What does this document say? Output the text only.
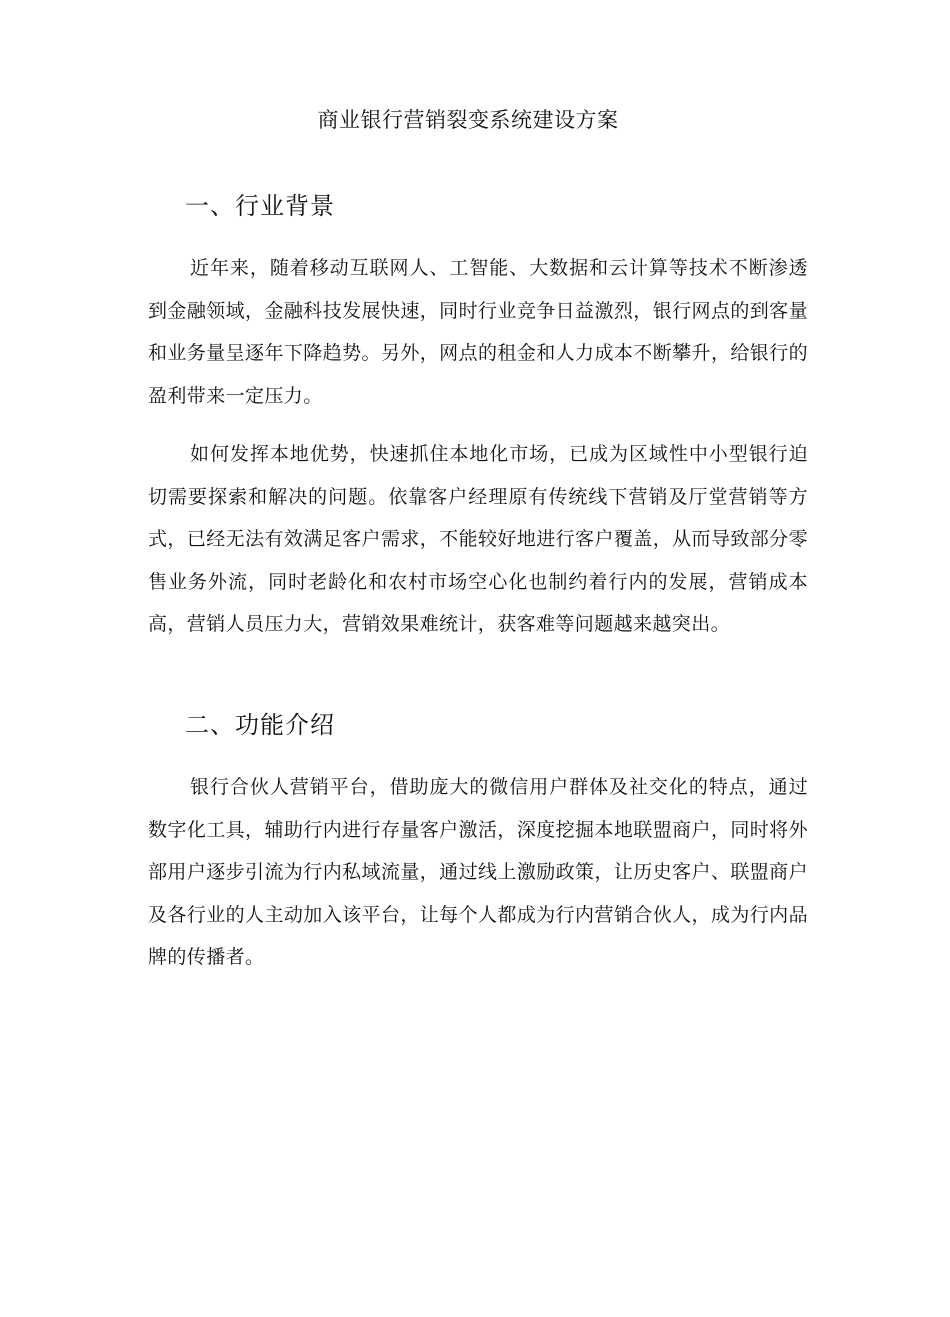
商业银行营销裂变系统建设方案
一、行业背景

近年来，随着移动互联网人、工智能、大数据和云计算等技术不断渗透到金融领域，金融科技发展快速，同时行业竞争日益激烈，银行网点的到客量和业务量呈逐年下降趋势。另外，网点的租金和人力成本不断攀升，给银行的盈利带来一定压力。

如何发挥本地优势，快速抓住本地化市场，已成为区域性中小型银行迫切需要探索和解决的问题。依靠客户经理原有传统线下营销及厅堂营销等方式，已经无法有效满足客户需求，不能较好地进行客户覆盖，从而导致部分零售业务外流，同时老龄化和农村市场空心化也制约着行内的发展，营销成本高，营销人员压力大，营销效果难统计，获客难等问题越来越突出。

二、功能介绍

银行合伙人营销平台，借助庞大的微信用户群体及社交化的特点，通过数字化工具，辅助行内进行存量客户激活，深度挖掘本地联盟商户，同时将外部用户逐步引流为行内私域流量，通过线上激励政策，让历史客户、联盟商户及各行业的人主动加入该平台，让每个人都成为行内营销合伙人，成为行内品牌的传播者。
